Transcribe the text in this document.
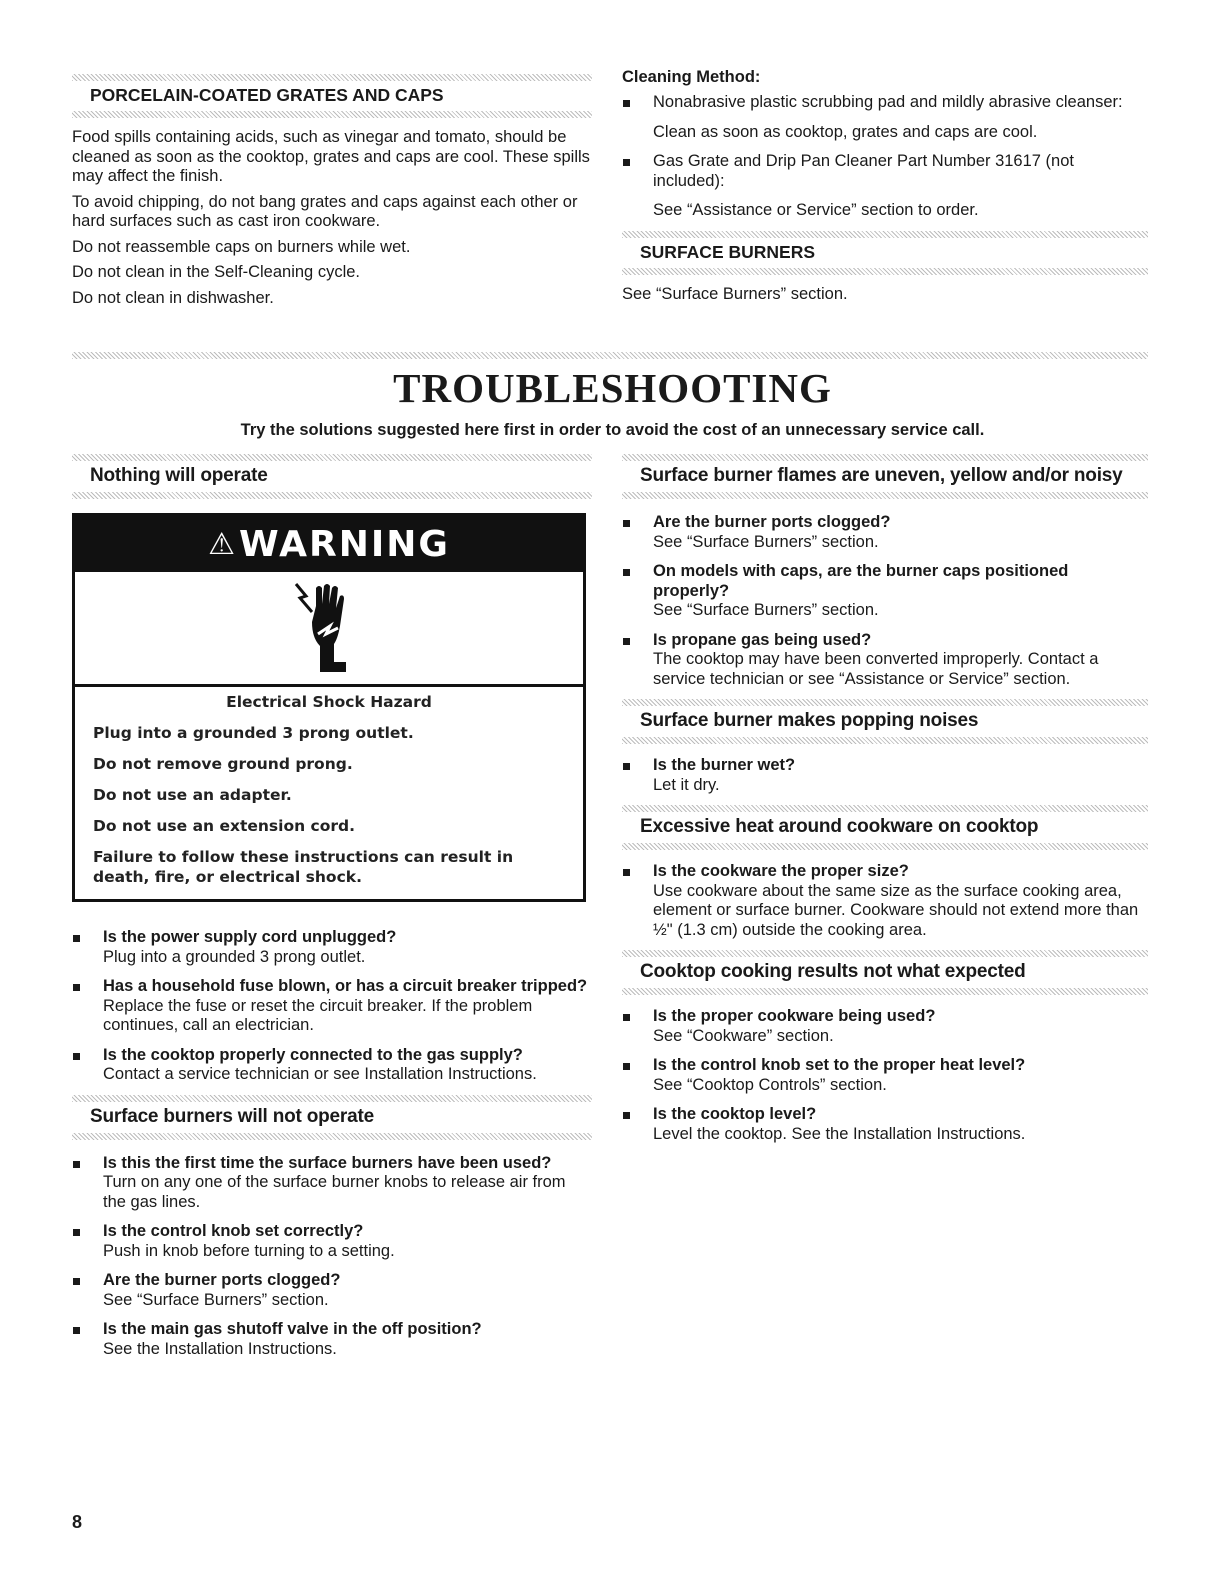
PORCELAIN-COATED GRATES AND CAPS

Food spills containing acids, such as vinegar and tomato, should be cleaned as soon as the cooktop, grates and caps are cool. These spills may affect the finish.

To avoid chipping, do not bang grates and caps against each other or hard surfaces such as cast iron cookware.

Do not reassemble caps on burners while wet.

Do not clean in the Self-Cleaning cycle.

Do not clean in dishwasher.

Cleaning Method:
Nonabrasive plastic scrubbing pad and mildly abrasive cleanser:
Clean as soon as cooktop, grates and caps are cool.
Gas Grate and Drip Pan Cleaner Part Number 31617 (not included):
See “Assistance or Service” section to order.
SURFACE BURNERS

See “Surface Burners” section.

TROUBLESHOOTING
Try the solutions suggested here first in order to avoid the cost of an unnecessary service call.
Nothing will operate
⚠WARNING
Electrical Shock Hazard
Plug into a grounded 3 prong outlet.
Do not remove ground prong.
Do not use an adapter.
Do not use an extension cord.
Failure to follow these instructions can result in death, fire, or electrical shock.
Is the power supply cord unplugged?
Plug into a grounded 3 prong outlet.
Has a household fuse blown, or has a circuit breaker tripped?
Replace the fuse or reset the circuit breaker. If the problem continues, call an electrician.
Is the cooktop properly connected to the gas supply?
Contact a service technician or see Installation Instructions.
Surface burners will not operate
Is this the first time the surface burners have been used?
Turn on any one of the surface burner knobs to release air from the gas lines.
Is the control knob set correctly?
Push in knob before turning to a setting.
Are the burner ports clogged?
See “Surface Burners” section.
Is the main gas shutoff valve in the off position?
See the Installation Instructions.
Surface burner flames are uneven, yellow and/or noisy
Are the burner ports clogged?
See “Surface Burners” section.
On models with caps, are the burner caps positioned properly?
See “Surface Burners” section.
Is propane gas being used?
The cooktop may have been converted improperly. Contact a service technician or see “Assistance or Service” section.
Surface burner makes popping noises
Is the burner wet?
Let it dry.
Excessive heat around cookware on cooktop
Is the cookware the proper size?
Use cookware about the same size as the surface cooking area, element or surface burner. Cookware should not extend more than ½" (1.3 cm) outside the cooking area.
Cooktop cooking results not what expected
Is the proper cookware being used?
See “Cookware” section.
Is the control knob set to the proper heat level?
See “Cooktop Controls” section.
Is the cooktop level?
Level the cooktop. See the Installation Instructions.
8
